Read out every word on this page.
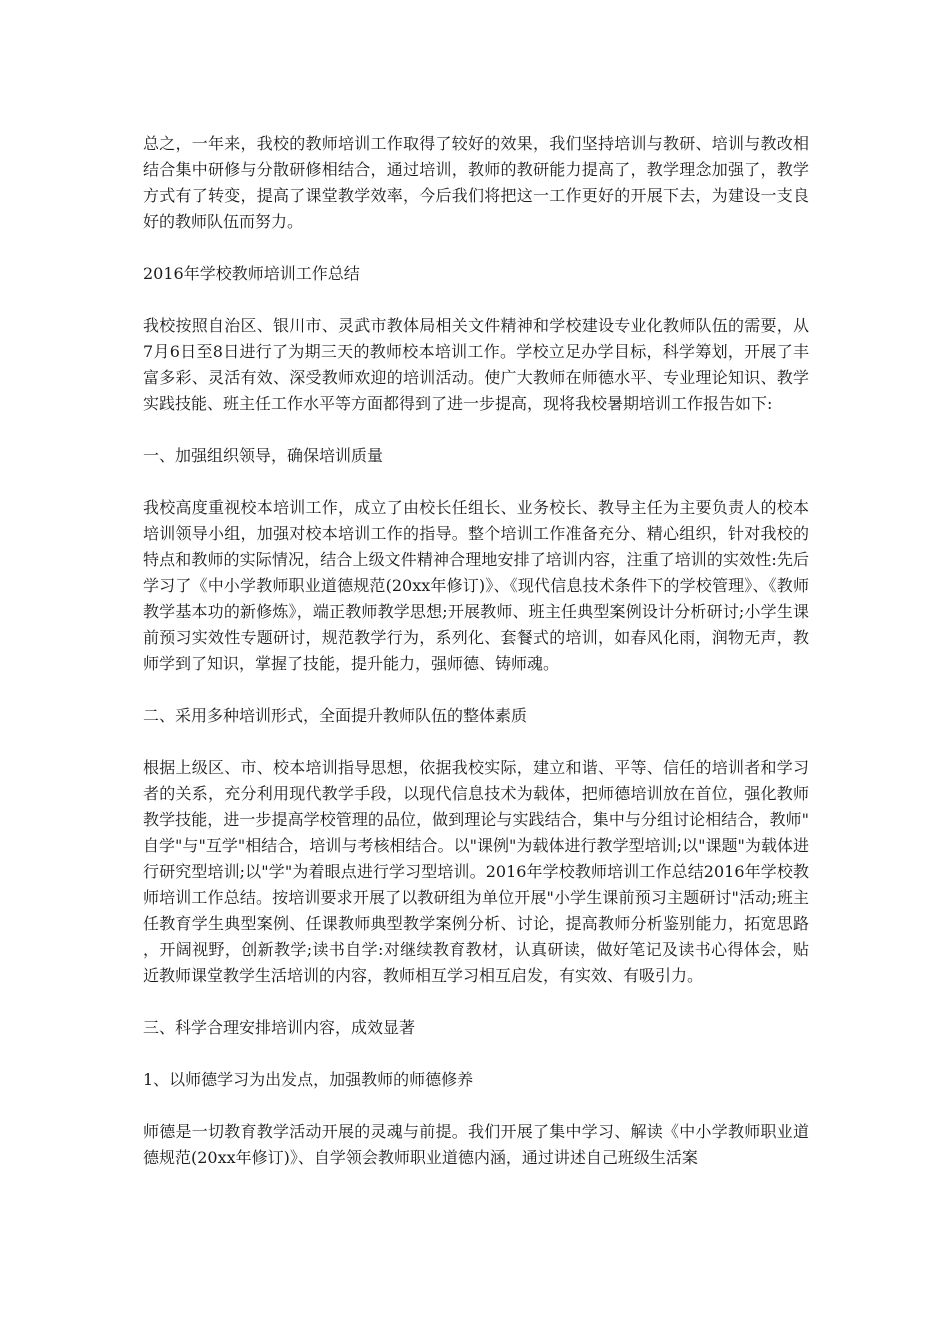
总之，一年来，我校的教师培训工作取得了较好的效果，我们坚持培训与教研、培训与教改相结合集中研修与分散研修相结合，通过培训，教师的教研能力提高了，教学理念加强了，教学方式有了转变，提高了课堂教学效率，今后我们将把这一工作更好的开展下去，为建设一支良好的教师队伍而努力。

2016年学校教师培训工作总结

我校按照自治区、银川市、灵武市教体局相关文件精神和学校建设专业化教师队伍的需要，从7月6日至8日进行了为期三天的教师校本培训工作。学校立足办学目标，科学筹划，开展了丰富多彩、灵活有效、深受教师欢迎的培训活动。使广大教师在师德水平、专业理论知识、教学实践技能、班主任工作水平等方面都得到了进一步提高，现将我校暑期培训工作报告如下:

一、加强组织领导，确保培训质量

我校高度重视校本培训工作，成立了由校长任组长、业务校长、教导主任为主要负责人的校本培训领导小组，加强对校本培训工作的指导。整个培训工作准备充分、精心组织，针对我校的特点和教师的实际情况，结合上级文件精神合理地安排了培训内容，注重了培训的实效性:先后学习了《中小学教师职业道德规范(20xx年修订)》、《现代信息技术条件下的学校管理》、《教师教学基本功的新修炼》，端正教师教学思想;开展教师、班主任典型案例设计分析研讨;小学生课前预习实效性专题研讨，规范教学行为，系列化、套餐式的培训，如春风化雨，润物无声，教师学到了知识，掌握了技能，提升能力，强师德、铸师魂。

二、采用多种培训形式，全面提升教师队伍的整体素质

根据上级区、市、校本培训指导思想，依据我校实际，建立和谐、平等、信任的培训者和学习者的关系，充分利用现代教学手段，以现代信息技术为载体，把师德培训放在首位，强化教师教学技能，进一步提高学校管理的品位，做到理论与实践结合，集中与分组讨论相结合，教师"自学"与"互学"相结合，培训与考核相结合。以"课例"为载体进行教学型培训;以"课题"为载体进行研究型培训;以"学"为着眼点进行学习型培训。2016年学校教师培训工作总结2016年学校教师培训工作总结。按培训要求开展了以教研组为单位开展"小学生课前预习主题研讨"活动;班主任教育学生典型案例、任课教师典型教学案例分析、讨论，提高教师分析鉴别能力，拓宽思路，开阔视野，创新教学;读书自学:对继续教育教材，认真研读，做好笔记及读书心得体会，贴近教师课堂教学生活培训的内容，教师相互学习相互启发，有实效、有吸引力。

三、科学合理安排培训内容，成效显著

1、以师德学习为出发点，加强教师的师德修养

师德是一切教育教学活动开展的灵魂与前提。我们开展了集中学习、解读《中小学教师职业道德规范(20xx年修订)》、自学领会教师职业道德内涵，通过讲述自己班级生活案
